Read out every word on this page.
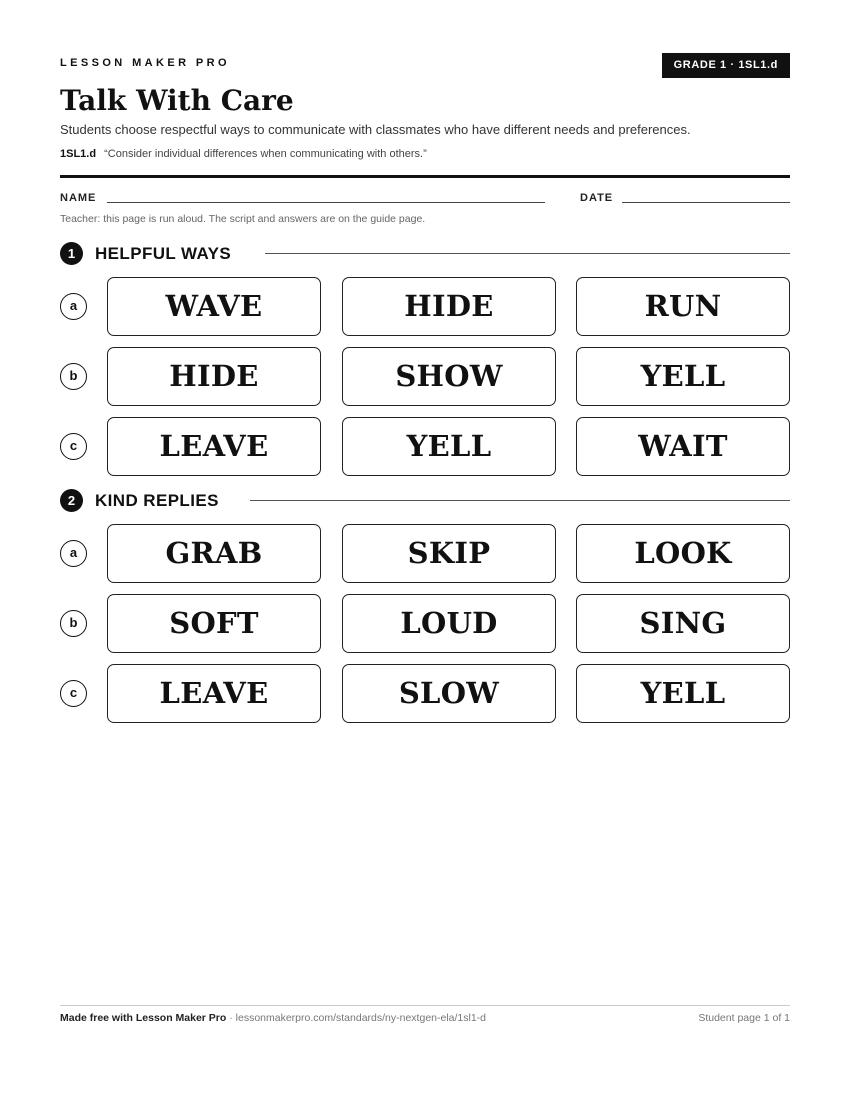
LESSON MAKER PRO	GRADE 1 · 1SL1.d
Talk With Care
Students choose respectful ways to communicate with classmates who have different needs and preferences.
1SL1.d “Consider individual differences when communicating with others.”
NAME	DATE
Teacher: this page is run aloud. The script and answers are on the guide page.
1	HELPFUL WAYS
a	WAVE	HIDE	RUN
b	HIDE	SHOW	YELL
c	LEAVE	YELL	WAIT
2	KIND REPLIES
a	GRAB	SKIP	LOOK
b	SOFT	LOUD	SING
c	LEAVE	SLOW	YELL
Made free with Lesson Maker Pro · lessonmakerpro.com/standards/ny-nextgen-ela/1sl1-d	Student page 1 of 1
